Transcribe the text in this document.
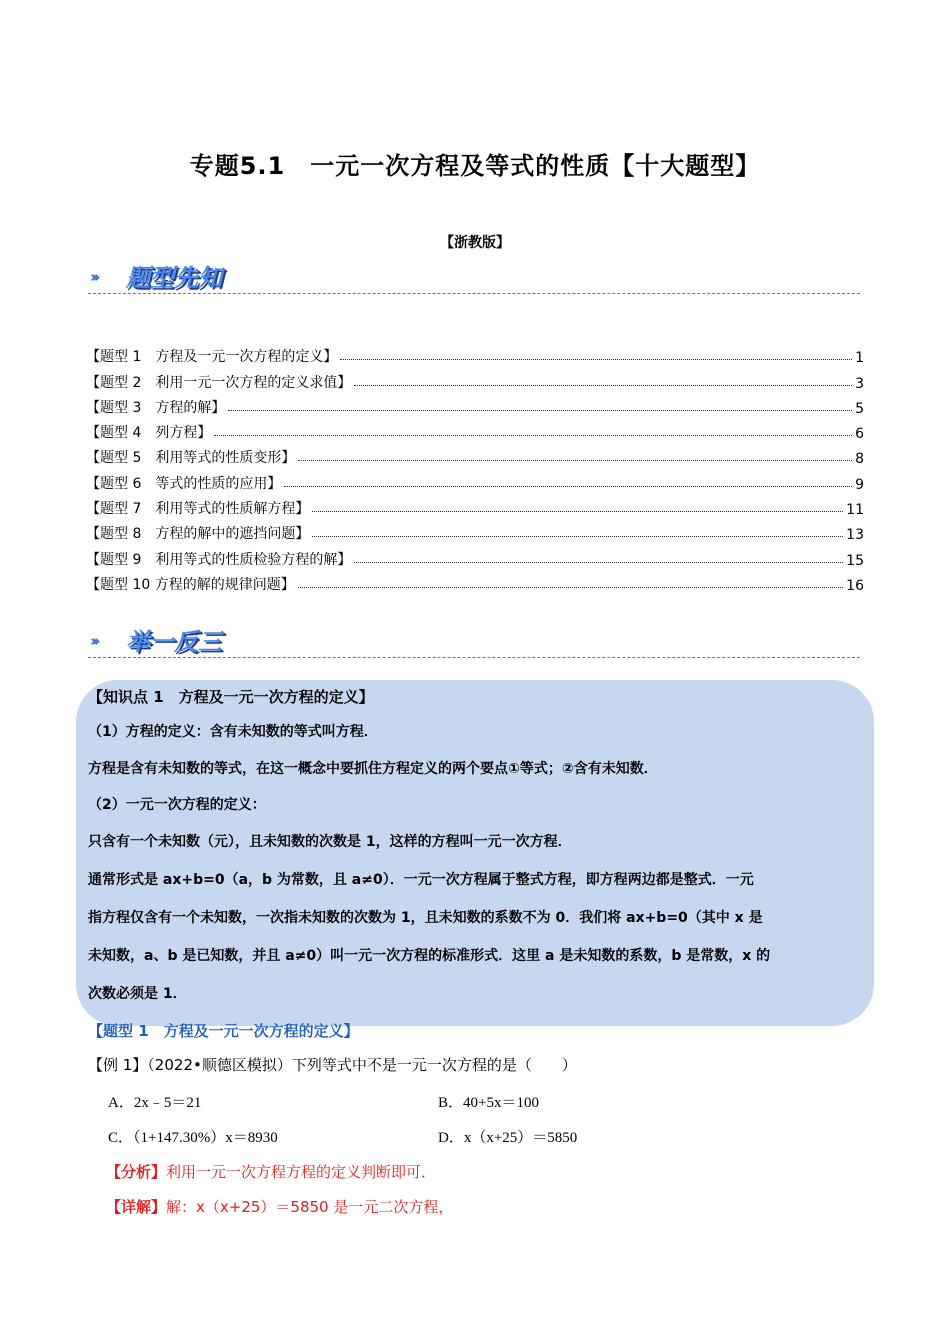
专题5.1　一元一次方程及等式的性质【十大题型】
【浙教版】
››› 题型先知
【题型 1　方程及一元一次方程的定义】	1
【题型 2　利用一元一次方程的定义求值】	3
【题型 3　方程的解】	5
【题型 4　列方程】	6
【题型 5　利用等式的性质变形】	8
【题型 6　等式的性质的应用】	9
【题型 7　利用等式的性质解方程】	11
【题型 8　方程的解中的遮挡问题】	13
【题型 9　利用等式的性质检验方程的解】	15
【题型 10 方程的解的规律问题】	16
››› 举一反三
【知识点 1　方程及一元一次方程的定义】
（1）方程的定义：含有未知数的等式叫方程．
方程是含有未知数的等式，在这一概念中要抓住方程定义的两个要点①等式；②含有未知数．
（2）一元一次方程的定义：
只含有一个未知数（元），且未知数的次数是 1，这样的方程叫一元一次方程．
通常形式是 ax+b=0（a，b 为常数，且 a≠0）．一元一次方程属于整式方程，即方程两边都是整式．一元
指方程仅含有一个未知数，一次指未知数的次数为 1，且未知数的系数不为 0．我们将 ax+b=0（其中 x 是
未知数，a、b 是已知数，并且 a≠0）叫一元一次方程的标准形式．这里 a 是未知数的系数，b 是常数，x 的
次数必须是 1．
【题型 1　方程及一元一次方程的定义】
【例 1】（2022•顺德区模拟）下列等式中不是一元一次方程的是（　　）
A．2x﹣5＝21	B．40+5x＝100
C．（1+147.30%）x＝8930	D．x（x+25）＝5850
【分析】利用一元一次方程方程的定义判断即可．
【详解】解：x（x+25）＝5850 是一元二次方程，
